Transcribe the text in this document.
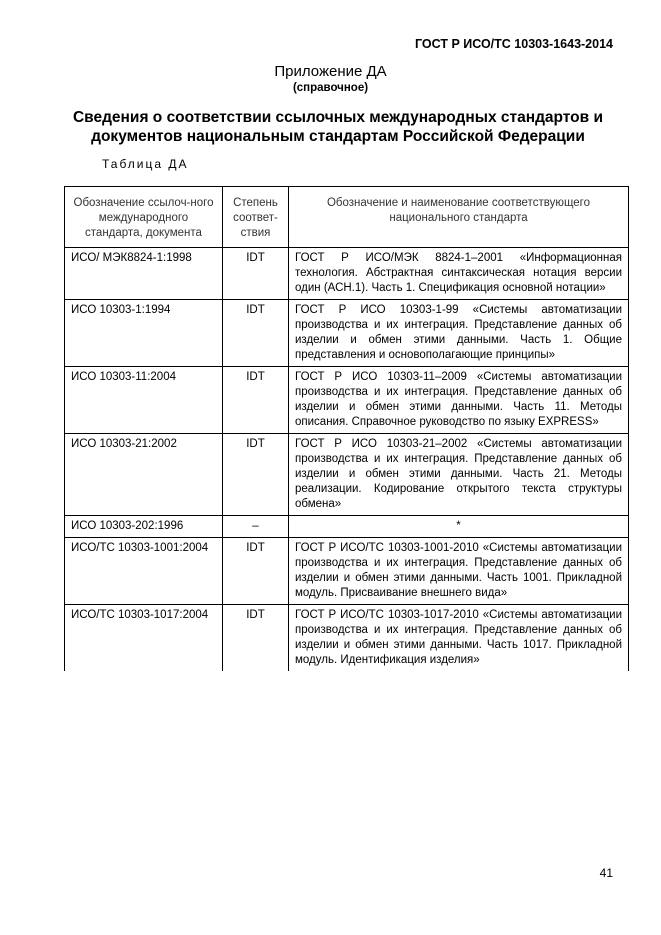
ГОСТ Р ИСО/ТС 10303-1643-2014
Приложение ДА
(справочное)
Сведения о соответствии ссылочных международных стандартов и документов национальным стандартам Российской Федерации
Таблица ДА
Обозначение ссылоч-ного международного стандарта, документа	Степень соответ-ствия	Обозначение и наименование соответствующего национального стандарта
ИСО/ МЭК8824-1:1998	IDT	ГОСТ Р ИСО/МЭК 8824-1–2001 «Информационная технология. Абстрактная синтаксическая нотация версии один (АСН.1). Часть 1. Спецификация основной нотации»
ИСО 10303-1:1994	IDT	ГОСТ Р ИСО 10303-1-99 «Системы автоматизации производства и их интеграция. Представление данных об изделии и обмен этими данными. Часть 1. Общие представления и основополагающие принципы»
ИСО 10303-11:2004	IDT	ГОСТ Р ИСО 10303-11–2009 «Системы автоматизации производства и их интеграция. Представление данных об изделии и обмен этими данными. Часть 11. Методы описания. Справочное руководство по языку EXPRESS»
ИСО 10303-21:2002	IDT	ГОСТ Р ИСО 10303-21–2002 «Системы автоматизации производства и их интеграция. Представление данных об изделии и обмен этими данными. Часть 21. Методы реализации. Кодирование открытого текста структуры обмена»
ИСО 10303-202:1996	–	*
ИСО/ТС 10303-1001:2004	IDT	ГОСТ Р ИСО/ТС 10303-1001-2010 «Системы автоматизации производства и их интеграция. Представление данных об изделии и обмен этими данными. Часть 1001. Прикладной модуль. Присваивание внешнего вида»
ИСО/ТС 10303-1017:2004	IDT	ГОСТ Р ИСО/ТС 10303-1017-2010 «Системы автоматизации производства и их интеграция. Представление данных об изделии и обмен этими данными. Часть 1017. Прикладной модуль. Идентификация изделия»
41
